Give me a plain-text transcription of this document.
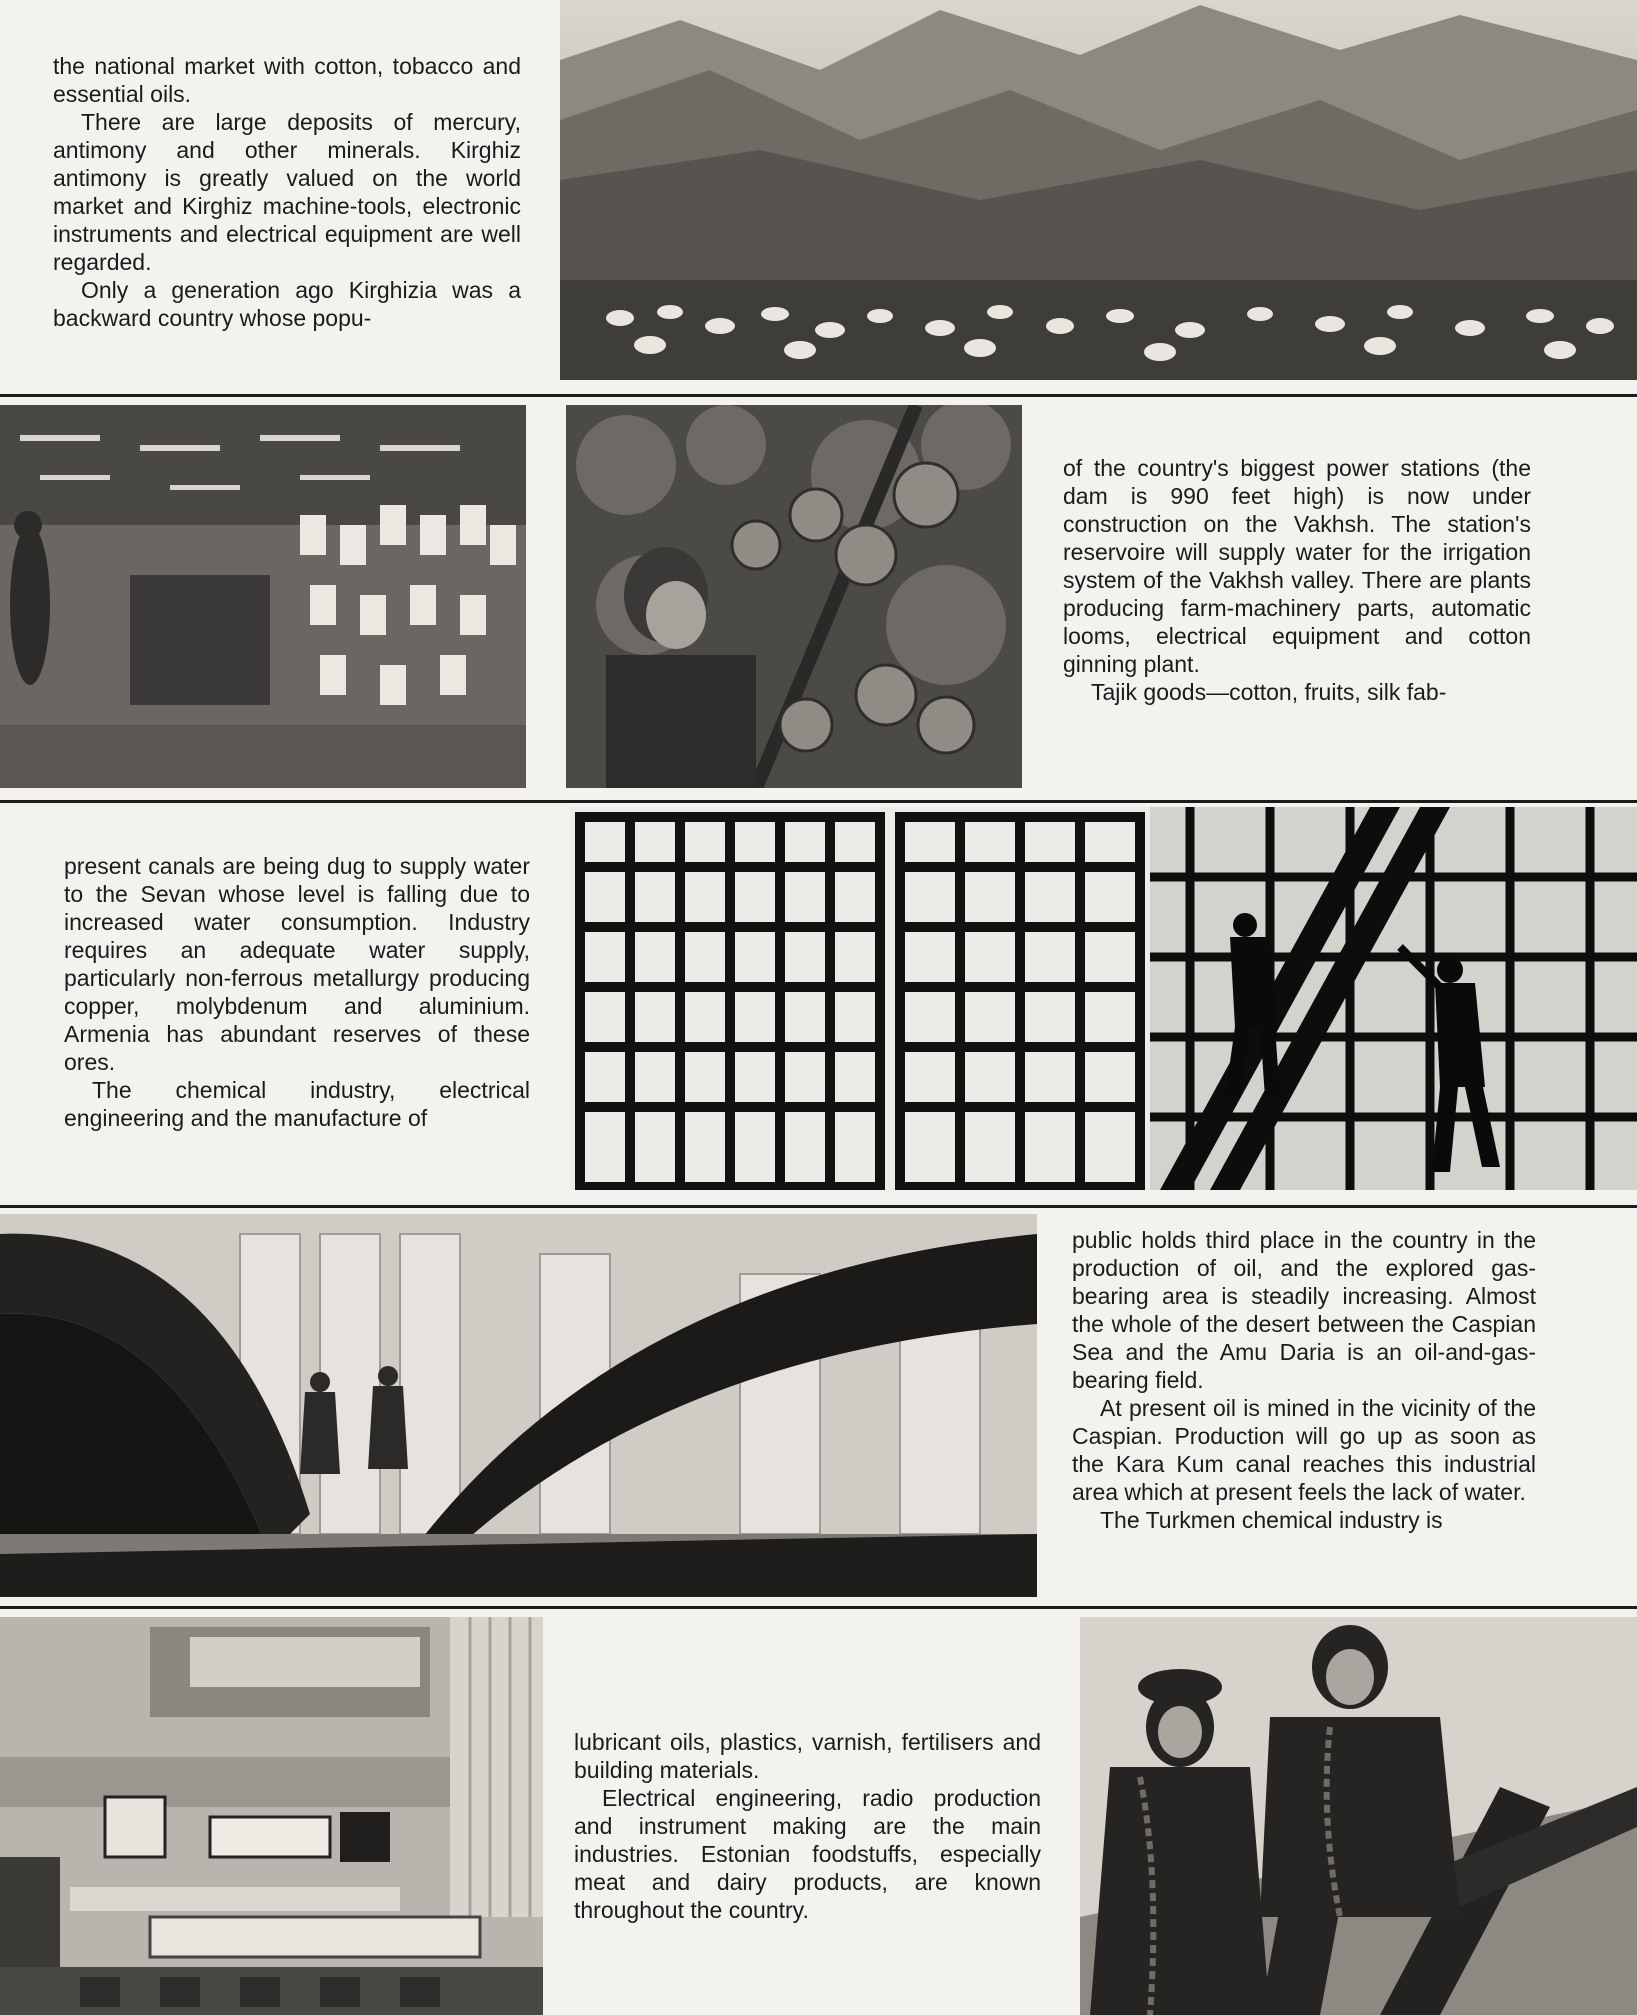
the national market with cotton, tobacco and essential oils.

There are large deposits of mercury, antimony and other minerals. Kirghiz antimony is greatly valued on the world market and Kirghiz machine-tools, electronic instruments and electrical equipment are well regarded.

Only a generation ago Kirghizia was a backward country whose popu-

of the country's biggest power stations (the dam is 990 feet high) is now under construction on the Vakhsh. The station's reservoire will supply water for the irrigation system of the Vakhsh valley. There are plants producing farm-machinery parts, automatic looms, electrical equipment and cotton ginning plant.

Tajik goods—cotton, fruits, silk fab-

present canals are being dug to supply water to the Sevan whose level is falling due to increased water consumption. Industry requires an adequate water supply, particularly non-ferrous metallurgy producing copper, molybdenum and aluminium. Armenia has abundant reserves of these ores.

The chemical industry, electrical engineering and the manufacture of

public holds third place in the country in the production of oil, and the explored gas-bearing area is steadily increasing. Almost the whole of the desert between the Caspian Sea and the Amu Daria is an oil-and-gas-bearing field.

At present oil is mined in the vicinity of the Caspian. Production will go up as soon as the Kara Kum canal reaches this industrial area which at present feels the lack of water.

The Turkmen chemical industry is

lubricant oils, plastics, varnish, fertilisers and building materials.

Electrical engineering, radio production and instrument making are the main industries. Estonian foodstuffs, especially meat and dairy products, are known throughout the country.
